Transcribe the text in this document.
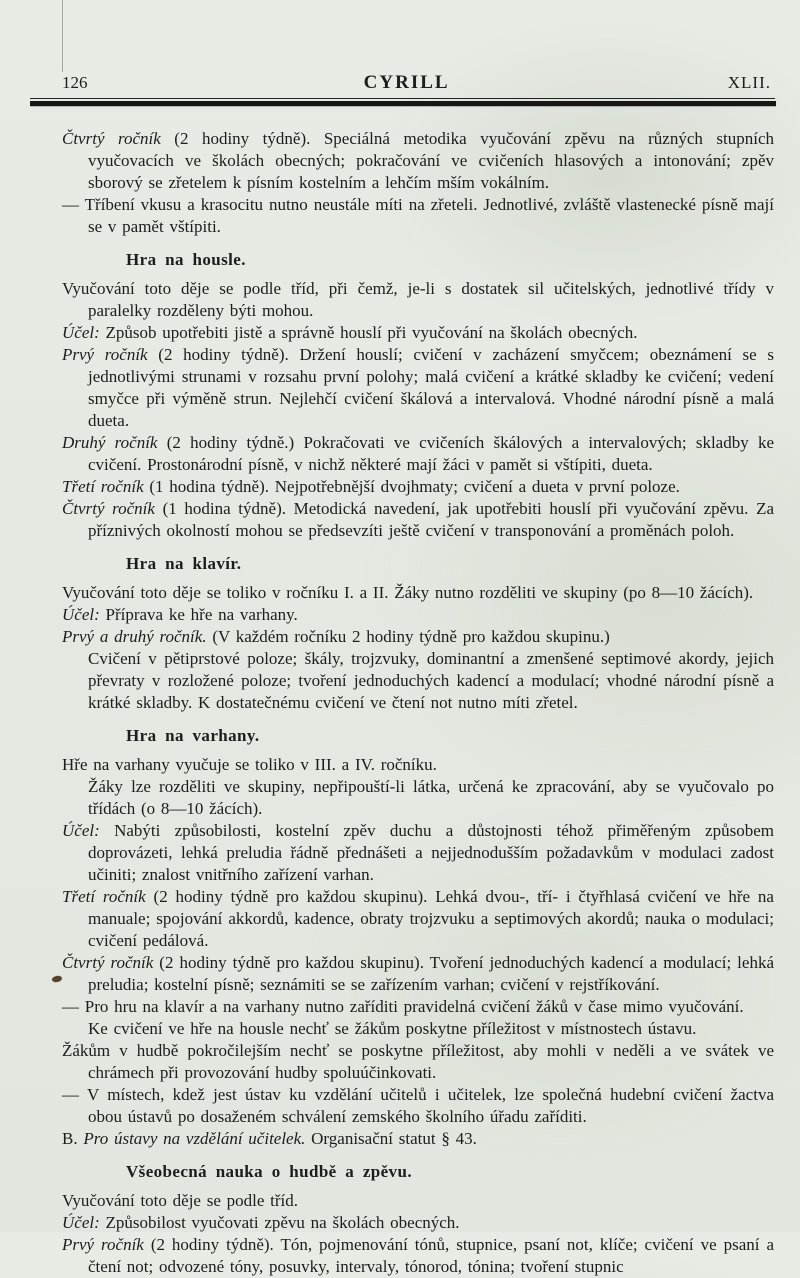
126	CYRILL	XLII.

Čtvrtý ročník (2 hodiny týdně). Speciálná metodika vyučování zpěvu na různých stupních vyučovacích ve školách obecných; pokračování ve cvičeních hlasových a intonování; zpěv sborový se zřetelem k písním kostelním a lehčím mším vokálním.

— Tříbení vkusu a krasocitu nutno neustále míti na zřeteli. Jednotlivé, zvláště vlastenecké písně mají se v pamět vštípiti.

Hra na housle.

Vyučování toto děje se podle tříd, při čemž, je-li s dostatek sil učitelských, jednotlivé třídy v paralelky rozděleny býti mohou.

Účel: Způsob upotřebiti jistě a správně houslí při vyučování na školách obecných.

Prvý ročník (2 hodiny týdně). Držení houslí; cvičení v zacházení smyčcem; obeznámení se s jednotlivými strunami v rozsahu první polohy; malá cvičení a krátké skladby ke cvičení; vedení smyčce při výměně strun. Nejlehčí cvičení škálová a intervalová. Vhodné národní písně a malá dueta.

Druhý ročník (2 hodiny týdně.) Pokračovati ve cvičeních škálových a intervalových; skladby ke cvičení. Prostonárodní písně, v nichž některé mají žáci v pamět si vštípiti, dueta.

Třetí ročník (1 hodina týdně). Nejpotřebnější dvojhmaty; cvičení a dueta v první poloze.

Čtvrtý ročník (1 hodina týdně). Metodická navedení, jak upotřebiti houslí při vyučování zpěvu. Za příznivých okolností mohou se předsevzíti ještě cvičení v transponování a proměnách poloh.

Hra na klavír.

Vyučování toto děje se toliko v ročníku I. a II. Žáky nutno rozděliti ve skupiny (po 8—10 žácích).

Účel: Příprava ke hře na varhany.

Prvý a druhý ročník. (V každém ročníku 2 hodiny týdně pro každou skupinu.)

Cvičení v pětiprstové poloze; škály, trojzvuky, dominantní a zmenšené septimové akordy, jejich převraty v rozložené poloze; tvoření jednoduchých kadencí a modulací; vhodné národní písně a krátké skladby. K dostatečnému cvičení ve čtení not nutno míti zřetel.

Hra na varhany.

Hře na varhany vyučuje se toliko v III. a IV. ročníku.

Žáky lze rozděliti ve skupiny, nepřipouští-li látka, určená ke zpracování, aby se vyučovalo po třídách (o 8—10 žácích).

Účel: Nabýti způsobilosti, kostelní zpěv duchu a důstojnosti téhož přiměřeným způsobem doprovázeti, lehká preludia řádně přednášeti a nejjednodušším požadavkům v modulaci zadost učiniti; znalost vnitřního zařízení varhan.

Třetí ročník (2 hodiny týdně pro každou skupinu). Lehká dvou-, tří- i čtyřhlasá cvičení ve hře na manuale; spojování akkordů, kadence, obraty trojzvuku a septimových akordů; nauka o modulaci; cvičení pedálová.

Čtvrtý ročník (2 hodiny týdně pro každou skupinu). Tvoření jednoduchých kadencí a modulací; lehká preludia; kostelní písně; seznámiti se se zařízením varhan; cvičení v rejstříkování.

— Pro hru na klavír a na varhany nutno zaříditi pravidelná cvičení žáků v čase mimo vyučování.

Ke cvičení ve hře na housle nechť se žákům poskytne příležitost v místnostech ústavu.

Žákům v hudbě pokročilejším nechť se poskytne příležitost, aby mohli v neděli a ve svátek ve chrámech při provozování hudby spoluúčinkovati.

— V místech, kdež jest ústav ku vzdělání učitelů i učitelek, lze společná hudební cvičení žactva obou ústavů po dosaženém schválení zemského školního úřadu zaříditi.

B. Pro ústavy na vzdělání učitelek. Organisační statut § 43.

Všeobecná nauka o hudbě a zpěvu.

Vyučování toto děje se podle tříd.

Účel: Způsobilost vyučovati zpěvu na školách obecných.

Prvý ročník (2 hodiny týdně). Tón, pojmenování tónů, stupnice, psaní not, klíče; cvičení ve psaní a čtení not; odvozené tóny, posuvky, intervaly, tónorod, tónina; tvoření stupnic
